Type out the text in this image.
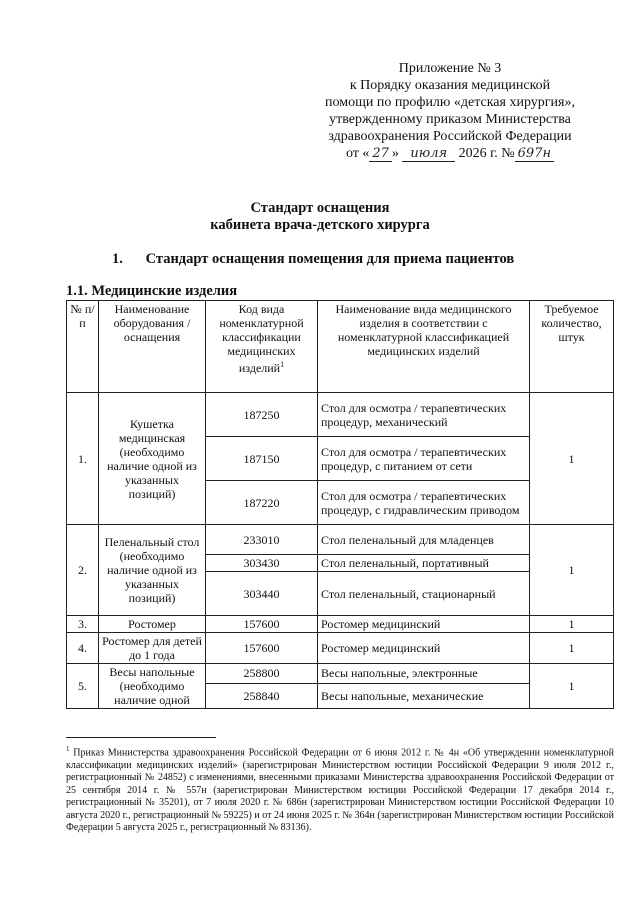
Приложение № 3
к Порядку оказания медицинской
помощи по профилю «детская хирургия»,
утвержденному приказом Министерства
здравоохранения Российской Федерации
от « 27 » июля 2026 г. № 697н
Стандарт оснащения
кабинета врача-детского хирурга
1. Стандарт оснащения помещения для приема пациентов
1.1. Медицинские изделия
№ п/п	Наименование оборудования / оснащения	Код вида номенклатурной классификации медицинских изделий$^1$	Наименование вида медицинского изделия в соответствии с номенклатурной классификацией медицинских изделий	Требуемое количество, штук
1.	Кушетка медицинская (необходимо наличие одной из указанных позиций)	187250	Стол для осмотра / терапевтических процедур, механический	1
		187150	Стол для осмотра / терапевтических процедур, с питанием от сети	
		187220	Стол для осмотра / терапевтических процедур, с гидравлическим приводом	
2.	Пеленальный стол (необходимо наличие одной из указанных позиций)	233010	Стол пеленальный для младенцев	1
		303430	Стол пеленальный, портативный	
		303440	Стол пеленальный, стационарный	
3.	Ростомер	157600	Ростомер медицинский	1
4.	Ростомер для детей до 1 года	157600	Ростомер медицинский	1
5.	Весы напольные (необходимо наличие одной	258800	Весы напольные, электронные	1
		258840	Весы напольные, механические	
$^1$ Приказ Министерства здравоохранения Российской Федерации от 6 июня 2012 г. № 4н «Об утверждении номенклатурной классификации медицинских изделий» (зарегистрирован Министерством юстиции Российской Федерации 9 июля 2012 г., регистрационный № 24852) с изменениями, внесенными приказами Министерства здравоохранения Российской Федерации от 25 сентября 2014 г. № 557н (зарегистрирован Министерством юстиции Российской Федерации 17 декабря 2014 г., регистрационный № 35201), от 7 июля 2020 г. № 686н (зарегистрирован Министерством юстиции Российской Федерации 10 августа 2020 г., регистрационный № 59225) и от 24 июня 2025 г. № 364н (зарегистрирован Министерством юстиции Российской Федерации 5 августа 2025 г., регистрационный № 83136).
